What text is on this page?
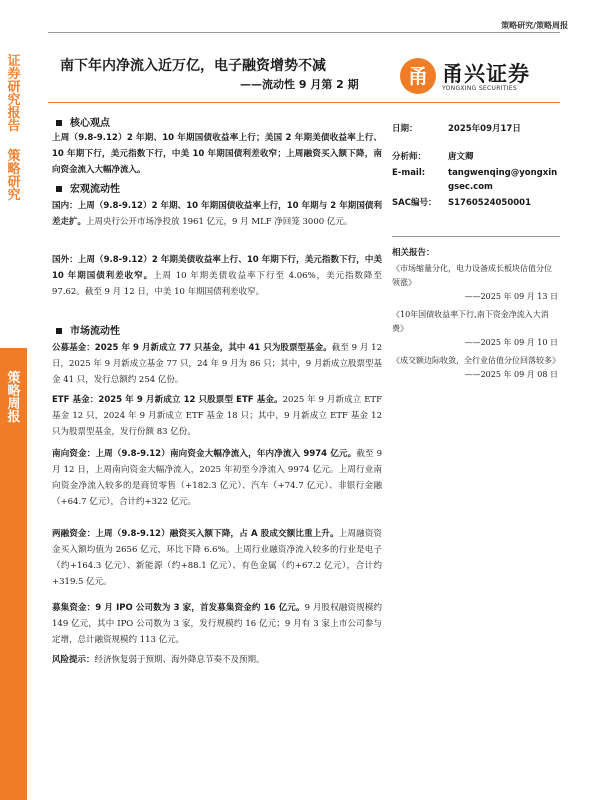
证券研究报告
策略研究
策略周报
策略研究/策略周报
南下年内净流入近万亿，电子融资增势不减
——流动性 9 月第 2 期	甬 甬兴证券
YONGXING SECURITIES
核心观点
上周（9.8-9.12）2 年期、10 年期国债收益率上行；美国 2 年期美债收益率上行、10 年期下行，美元指数下行，中美 10 年期国债利差收窄；上周融资买入额下降，南向资金流入大幅净流入。
宏观流动性
国内：上周（9.8-9.12）2 年期、10 年期国债收益率上行，10 年期与 2 年期国债利差走扩。上周央行公开市场净投放 1961 亿元，9 月 MLF 净回笼 3000 亿元。
国外：上周（9.8-9.12）2 年期美债收益率上行、10 年期下行，美元指数下行，中美 10 年期国债利差收窄。上周 10 年期美债收益率下行至 4.06%，美元指数降至 97.62。截至 9 月 12 日，中美 10 年期国债利差收窄。
市场流动性
公募基金：2025 年 9 月新成立 77 只基金，其中 41 只为股票型基金。截至 9 月 12 日，2025 年 9 月新成立基金 77 只，24 年 9 月为 86 只；其中，9 月新成立股票型基金 41 只，发行总额约 254 亿份。
ETF 基金：2025 年 9 月新成立 12 只股票型 ETF 基金。2025 年 9 月新成立 ETF 基金 12 只，2024 年 9 月新成立 ETF 基金 18 只；其中，9 月新成立 ETF 基金 12 只为股票型基金，发行份额 83 亿份。
南向资金：上周（9.8-9.12）南向资金大幅净流入，年内净流入 9974 亿元。截至 9 月 12 日，上周南向资金大幅净流入，2025 年初至今净流入 9974 亿元。上周行业南向资金净流入较多的是商贸零售（+182.3 亿元）、汽车（+74.7 亿元）、非银行金融（+64.7 亿元），合计约+322 亿元。
两融资金：上周（9.8-9.12）融资买入额下降，占 A 股成交额比重上升。上周融资资金买入额均值为 2656 亿元，环比下降 6.6%。上周行业融资净流入较多的行业是电子（约+164.3 亿元）、新能源（约+88.1 亿元）、有色金属（约+67.2 亿元），合计约+319.5 亿元。
募集资金：9 月 IPO 公司数为 3 家，首发募集资金约 16 亿元。9 月股权融资规模约 149 亿元，其中 IPO 公司数为 3 家，发行规模约 16 亿元；9 月有 3 家上市公司参与定增，总计融资规模约 113 亿元。
风险提示：经济恢复弱于预期、海外降息节奏不及预期。
日期：	2025年09月17日
分析师：	唐文卿
E-mail:	tangwenqing@yongxingsec.com
SAC编号： S1760524050001
相关报告：
《市场缩量分化，电力设备成长板块估值分位领涨》
——2025 年 09 月 13 日
《10年国债收益率下行,南下资金净流入大消费》
——2025 年 09 月 10 日
《成交额边际收敛，全行业估值分位回落较多》
——2025 年 09 月 08 日
